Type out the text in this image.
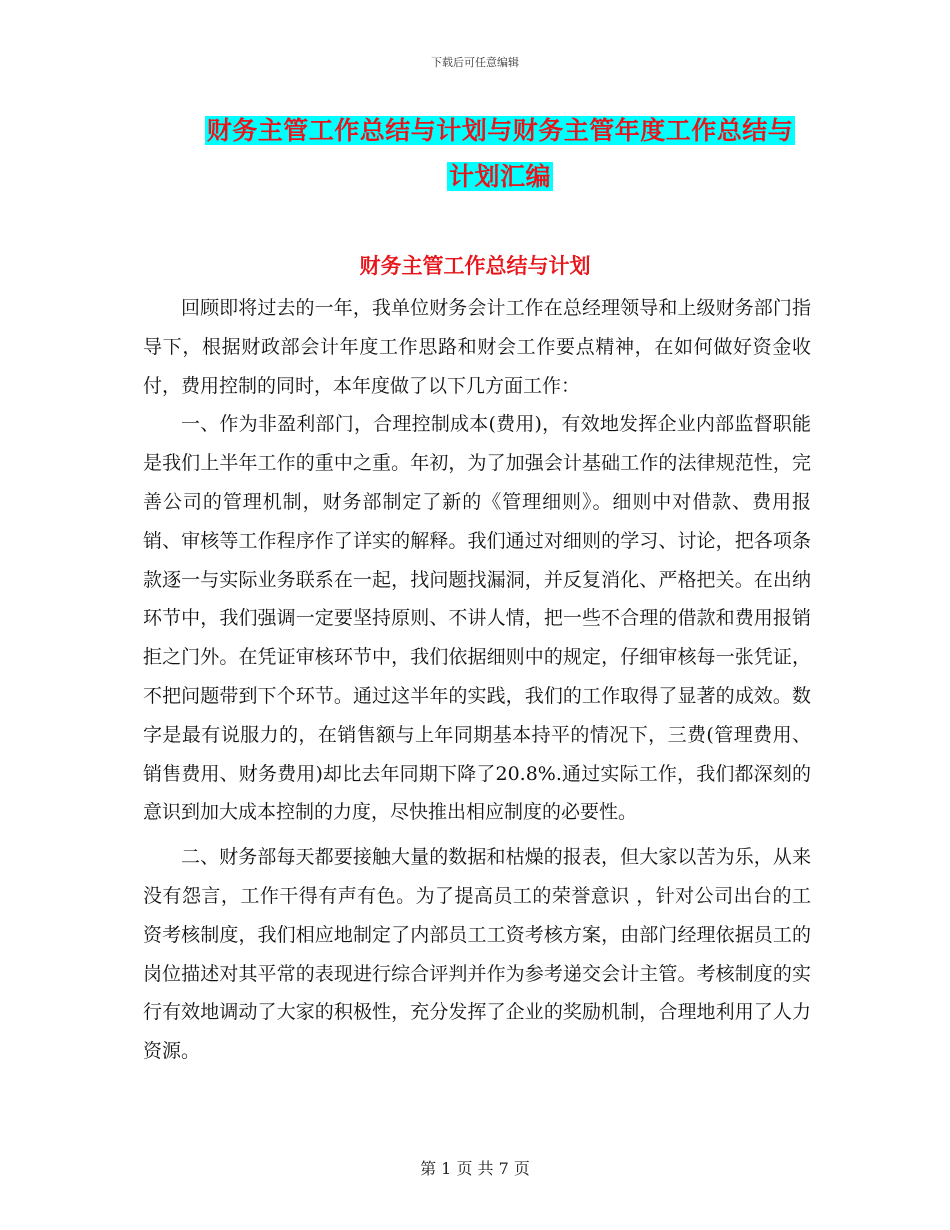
下载后可任意编辑
财务主管工作总结与计划与财务主管年度工作总结与
计划汇编
财务主管工作总结与计划

回顾即将过去的一年，我单位财务会计工作在总经理领导和上级财务部门指导下，根据财政部会计年度工作思路和财会工作要点精神，在如何做好资金收付，费用控制的同时，本年度做了以下几方面工作：

一、作为非盈利部门，合理控制成本(费用)，有效地发挥企业内部监督职能是我们上半年工作的重中之重。年初，为了加强会计基础工作的法律规范性，完善公司的管理机制，财务部制定了新的《管理细则》。细则中对借款、费用报销、审核等工作程序作了详实的解释。我们通过对细则的学习、讨论，把各项条款逐一与实际业务联系在一起，找问题找漏洞，并反复消化、严格把关。在出纳环节中，我们强调一定要坚持原则、不讲人情，把一些不合理的借款和费用报销拒之门外。在凭证审核环节中，我们依据细则中的规定，仔细审核每一张凭证，不把问题带到下个环节。通过这半年的实践，我们的工作取得了显著的成效。数字是最有说服力的，在销售额与上年同期基本持平的情况下，三费(管理费用、销售费用、财务费用)却比去年同期下降了20.8%.通过实际工作，我们都深刻的意识到加大成本控制的力度，尽快推出相应制度的必要性。

二、财务部每天都要接触大量的数据和枯燥的报表，但大家以苦为乐，从来没有怨言，工作干得有声有色。为了提高员工的荣誉意识 ，针对公司出台的工资考核制度，我们相应地制定了内部员工工资考核方案，由部门经理依据员工的岗位描述对其平常的表现进行综合评判并作为参考递交会计主管。考核制度的实行有效地调动了大家的积极性，充分发挥了企业的奖励机制，合理地利用了人力资源。

第 1 页 共 7 页
